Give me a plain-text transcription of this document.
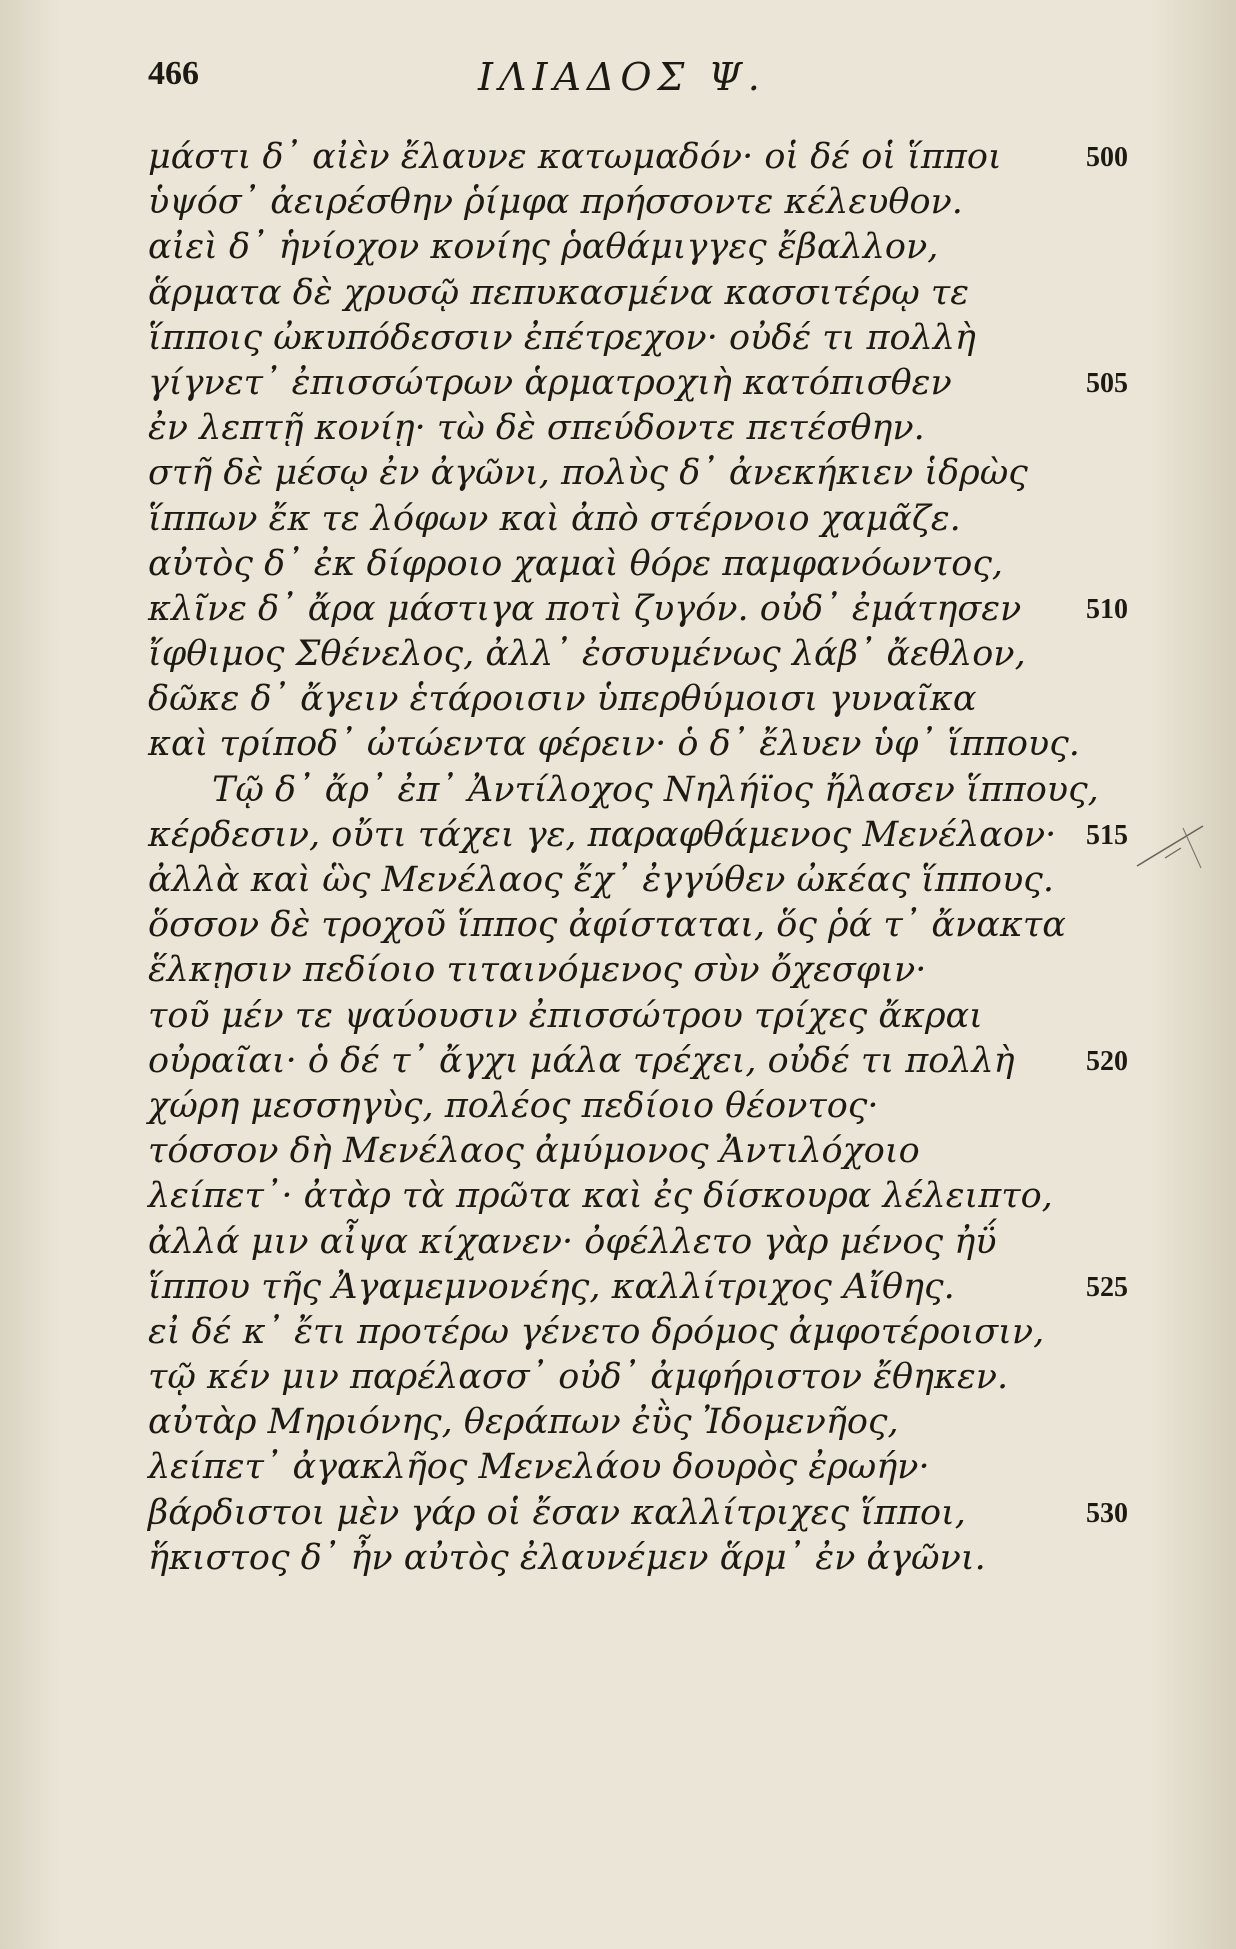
466	ΙΛΙΑΔΟΣ Ψ.
μάστι δ᾽ αἰὲν ἔλαυνε κατωμαδόν· οἱ δέ οἱ ἵπποι	500
ὑψόσ᾽ ἀειρέσθην ῥίμφα πρήσσοντε κέλευθον.
αἰεὶ δ᾽ ἡνίοχον κονίης ῥαθάμιγγες ἔβαλλον,
ἅρματα δὲ χρυσῷ πεπυκασμένα κασσιτέρῳ τε
ἵπποις ὠκυπόδεσσιν ἐπέτρεχον· οὐδέ τι πολλὴ
γίγνετ᾽ ἐπισσώτρων ἁρματροχιὴ κατόπισθεν	505
ἐν λεπτῇ κονίῃ· τὼ δὲ σπεύδοντε πετέσθην.
στῆ δὲ μέσῳ ἐν ἀγῶνι, πολὺς δ᾽ ἀνεκήκιεν ἱδρὼς
ἵππων ἔκ τε λόφων καὶ ἀπὸ στέρνοιο χαμᾶζε.
αὐτὸς δ᾽ ἐκ δίφροιο χαμαὶ θόρε παμφανόωντος,
κλῖνε δ᾽ ἄρα μάστιγα ποτὶ ζυγόν. οὐδ᾽ ἐμάτησεν 510
ἴφθιμος Σθένελος, ἀλλ᾽ ἐσσυμένως λάβ᾽ ἄεθλον,
δῶκε δ᾽ ἄγειν ἑτάροισιν ὑπερθύμοισι γυναῖκα
καὶ τρίποδ᾽ ὠτώεντα φέρειν· ὁ δ᾽ ἔλυεν ὑφ᾽ ἵππους.
Τῷ δ᾽ ἄρ᾽ ἐπ᾽ Ἀντίλοχος Νηλήϊος ἤλασεν ἵππους,
κέρδεσιν, οὔτι τάχει γε, παραφθάμενος Μενέλαον· 515
ἀλλὰ καὶ ὣς Μενέλαος ἔχ᾽ ἐγγύθεν ὠκέας ἵππους.
ὅσσον δὲ τροχοῦ ἵππος ἀφίσταται, ὅς ῥά τ᾽ ἄνακτα
ἕλκῃσιν πεδίοιο τιταινόμενος σὺν ὄχεσφιν·
τοῦ μέν τε ψαύουσιν ἐπισσώτρου τρίχες ἄκραι
οὐραῖαι· ὁ δέ τ᾽ ἄγχι μάλα τρέχει, οὐδέ τι πολλὴ	520
χώρη μεσσηγὺς, πολέος πεδίοιο θέοντος·
τόσσον δὴ Μενέλαος ἀμύμονος Ἀντιλόχοιο
λείπετ᾽· ἀτὰρ τὰ πρῶτα καὶ ἐς δίσκουρα λέλειπτο,
ἀλλά μιν αἶψα κίχανεν· ὀφέλλετο γὰρ μένος ἠΰ
ἵππου τῆς Ἀγαμεμνονέης, καλλίτριχος Αἴθης.	525
εἰ δέ κ᾽ ἔτι προτέρω γένετο δρόμος ἀμφοτέροισιν,
τῷ κέν μιν παρέλασσ᾽ οὐδ᾽ ἀμφήριστον ἔθηκεν.
αὐτὰρ Μηριόνης, θεράπων ἐῢς Ἰδομενῆος,
λείπετ᾽ ἀγακλῆος Μενελάου δουρὸς ἐρωήν·
βάρδιστοι μὲν γάρ οἱ ἔσαν καλλίτριχες ἵπποι,	530
ἥκιστος δ᾽ ἦν αὐτὸς ἐλαυνέμεν ἅρμ᾽ ἐν ἀγῶνι.
